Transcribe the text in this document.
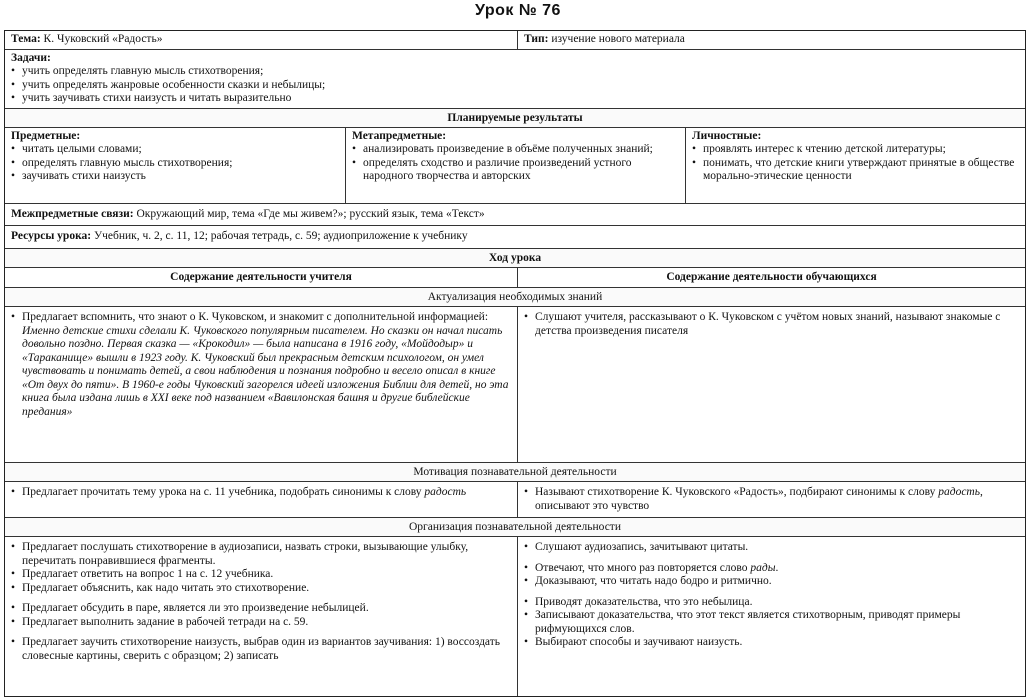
Урок № 76
Тема: К. Чуковский «Радость»	Тип: изучение нового материала
Задачи:
• учить определять главную мысль стихотворения;
• учить определять жанровые особенности сказки и небылицы;
• учить заучивать стихи наизусть и читать выразительно
Планируемые результаты
Предметные:
• читать целыми словами;
• определять главную мысль стихотворения;
• заучивать стихи наизусть
Метапредметные:
• анализировать произведение в объёме полученных знаний;
• определять сходство и различие произведений устного народного творчества и авторских
Личностные:
• проявлять интерес к чтению детской литературы;
• понимать, что детские книги утверждают принятые в обществе морально-этические ценности
Межпредметные связи: Окружающий мир, тема «Где мы живем?»; русский язык, тема «Текст»
Ресурсы урока: Учебник, ч. 2, с. 11, 12; рабочая тетрадь, с. 59; аудиоприложение к учебнику
Ход урока
Содержание деятельности учителя	Содержание деятельности обучающихся
Актуализация необходимых знаний
• Предлагает вспомнить, что знают о К. Чуковском, и знакомит с дополнительной информацией:
Именно детские стихи сделали К. Чуковского популярным писателем. Но сказки он начал писать довольно поздно. Первая сказка — «Крокодил» — была написана в 1916 году, «Мойдодыр» и «Тараканище» вышли в 1923 году. К. Чуковский был прекрасным детским психологом, он умел чувствовать и понимать детей, а свои наблюдения и познания подробно и весело описал в книге «От двух до пяти». В 1960-е годы Чуковский загорелся идеей изложения Библии для детей, но эта книга была издана лишь в XXI веке под названием «Вавилонская башня и другие библейские предания»
• Слушают учителя, рассказывают о К. Чуковском с учётом новых знаний, называют знакомые с детства произведения писателя
Мотивация познавательной деятельности
• Предлагает прочитать тему урока на с. 11 учебника, подобрать синонимы к слову радость
•	Называют стихотворение К. Чуковского «Радость», подбирают синонимы к слову радость, описывают это чувство
Организация познавательной деятельности
• Предлагает послушать стихотворение в аудиозаписи, назвать строки, вызывающие улыбку, перечитать понравившиеся фрагменты.
• Предлагает ответить на вопрос 1 на с. 12 учебника.
• Предлагает объяснить, как надо читать это стихотворение.
• Предлагает обсудить в паре, является ли это произведение небылицей.
• Предлагает выполнить задание в рабочей тетради на с. 59.
• Предлагает заучить стихотворение наизусть, выбрав один из вариантов заучивания: 1) воссоздать словесные картины, сверить с образцом; 2) записать
• Слушают аудиозапись, зачитывают цитаты.
• Отвечают, что много раз повторяется слово рады.
• Доказывают, что читать надо бодро и ритмично.
• Приводят доказательства, что это небылица.
• Записывают доказательства, что этот текст является стихотворным, приводят примеры рифмующихся слов.
• Выбирают способы и заучивают наизусть.
